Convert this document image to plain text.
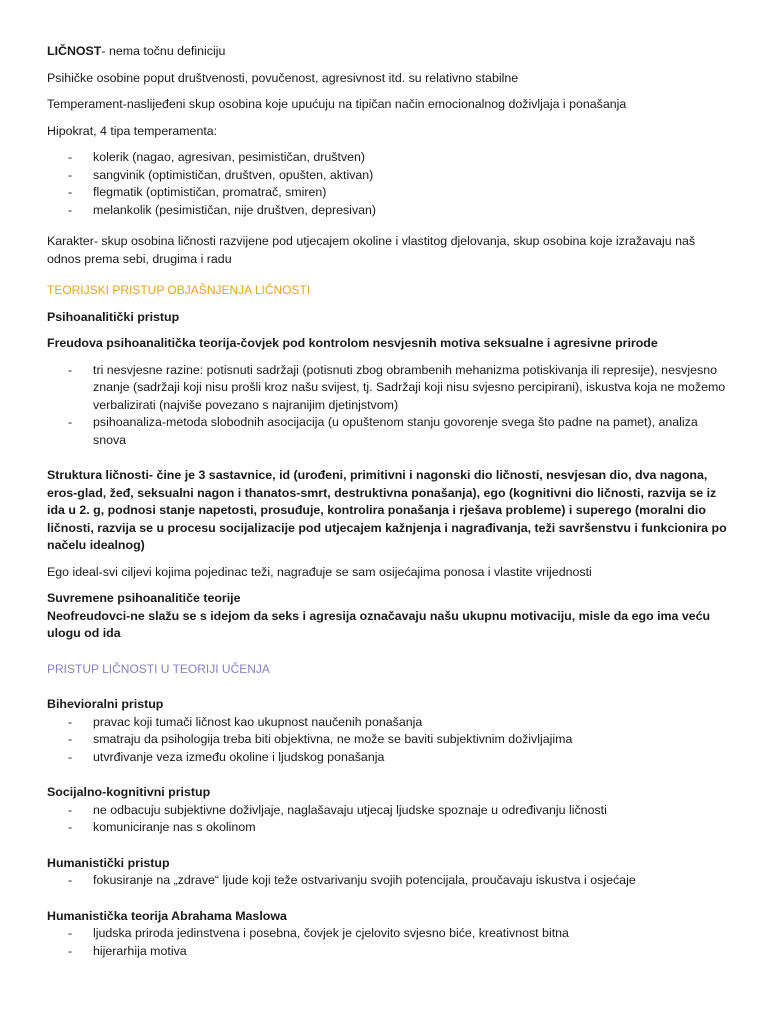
LIČNOST- nema točnu definiciju

Psihičke osobine poput društvenosti, povučenost, agresivnost itd. su relativno stabilne

Temperament-naslijeđeni skup osobina koje upućuju na tipičan način emocionalnog doživljaja i ponašanja

Hipokrat, 4 tipa temperamenta:

- kolerik (nagao, agresivan, pesimističan, društven)
- sangvinik (optimističan, društven, opušten, aktivan)
- flegmatik (optimističan, promatrač, smiren)
- melankolik (pesimističan, nije društven, depresivan)

Karakter- skup osobina ličnosti razvijene pod utjecajem okoline i vlastitog djelovanja, skup osobina koje izražavaju naš odnos prema sebi, drugima i radu

TEORIJSKI PRISTUP OBJAŠNJENJA LIČNOSTI

Psihoanalitički pristup

Freudova psihoanalitička teorija-čovjek pod kontrolom nesvjesnih motiva seksualne i agresivne prirode

- tri nesvjesne razine: potisnuti sadržaji (potisnuti zbog obrambenih mehanizma potiskivanja ili represije), nesvjesno znanje (sadržaji koji nisu prošli kroz našu svijest, tj. Sadržaji koji nisu svjesno percipirani), iskustva koja ne možemo verbalizirati (najviše povezano s najranijim djetinjstvom)
- psihoanaliza-metoda slobodnih asocijacija (u opuštenom stanju govorenje svega što padne na pamet), analiza snova

Struktura ličnosti- čine je 3 sastavnice, id (urođeni, primitivni i nagonski dio ličnosti, nesvjesan dio, dva nagona, eros-glad, žeđ, seksualni nagon i thanatos-smrt, destruktivna ponašanja), ego (kognitivni dio ličnosti, razvija se iz ida u 2. g, podnosi stanje napetosti, prosuđuje, kontrolira ponašanja i rješava probleme) i superego (moralni dio ličnosti, razvija se u procesu socijalizacije pod utjecajem kažnjenja i nagrađivanja, teži savršenstvu i funkcionira po načelu idealnog)

Ego ideal-svi ciljevi kojima pojedinac teži, nagrađuje se sam osijećajima ponosa i vlastite vrijednosti

Suvremene psihoanalitiče teorije

Neofreudovci-ne slažu se s idejom da seks i agresija označavaju našu ukupnu motivaciju, misle da ego ima veću ulogu od ida

PRISTUP LIČNOSTI U TEORIJI UČENJA

Bihevioralni pristup

- pravac koji tumači ličnost kao ukupnost naučenih ponašanja
- smatraju da psihologija treba biti objektivna, ne može se baviti subjektivnim doživljajima
- utvrđivanje veza između okoline i ljudskog ponašanja

Socijalno-kognitivni pristup

- ne odbacuju subjektivne doživljaje, naglašavaju utjecaj ljudske spoznaje u određivanju ličnosti
- komuniciranje nas s okolinom

Humanistički pristup

- fokusiranje na „zdrave“ ljude koji teže ostvarivanju svojih potencijala, proučavaju iskustva i osjećaje

Humanistička teorija Abrahama Maslowa

- ljudska priroda jedinstvena i posebna, čovjek je cjelovito svjesno biće, kreativnost bitna
- hijerarhija motiva
